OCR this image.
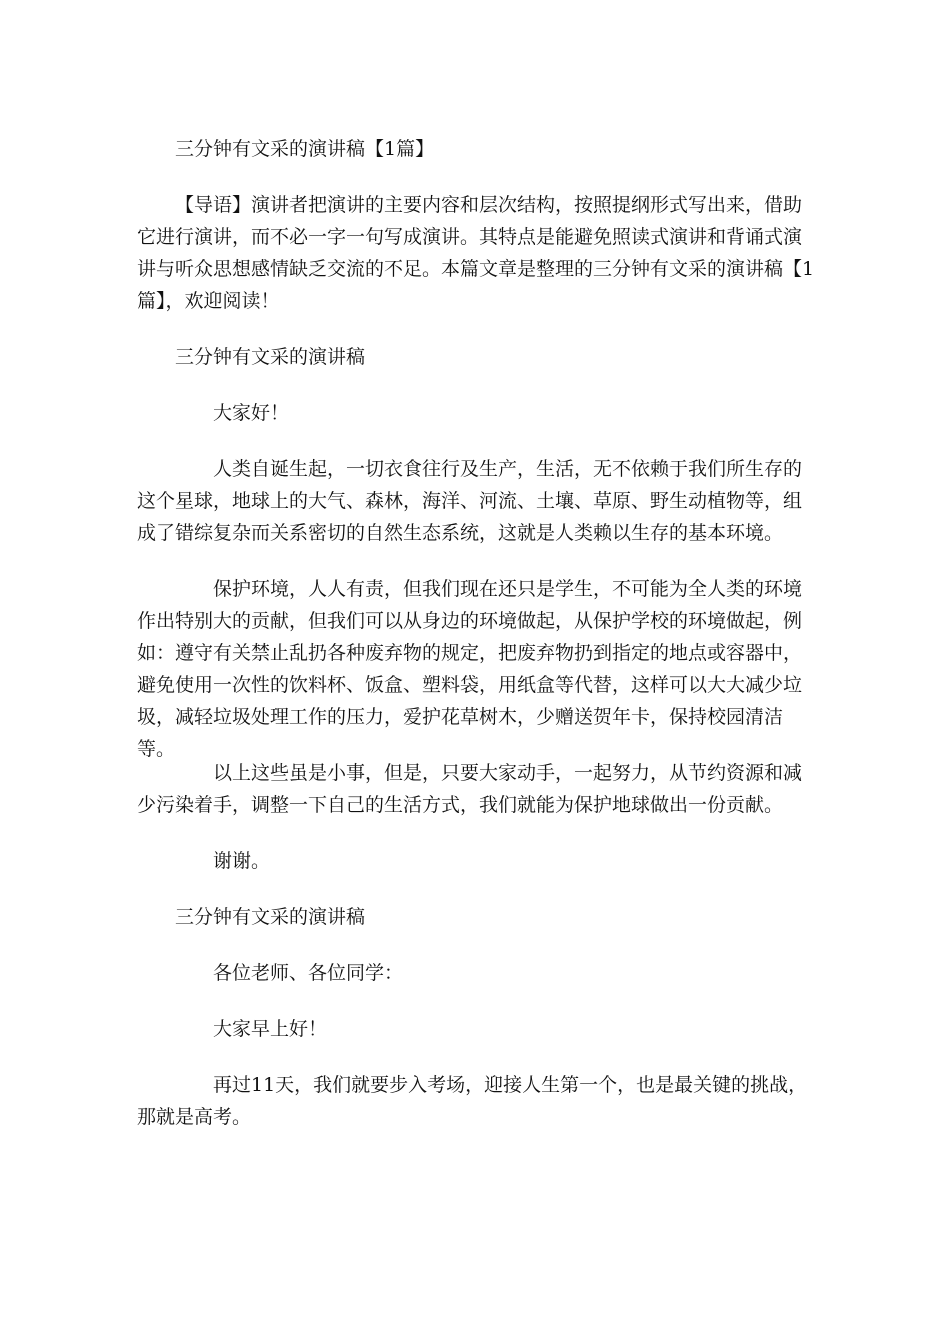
三分钟有文采的演讲稿【1篇】

【导语】演讲者把演讲的主要内容和层次结构，按照提纲形式写出来，借助它进行演讲，而不必一字一句写成演讲。其特点是能避免照读式演讲和背诵式演讲与听众思想感情缺乏交流的不足。本篇文章是整理的三分钟有文采的演讲稿【1篇】，欢迎阅读！

三分钟有文采的演讲稿

大家好！

人类自诞生起，一切衣食往行及生产，生活，无不依赖于我们所生存的这个星球，地球上的大气、森林，海洋、河流、土壤、草原、野生动植物等，组成了错综复杂而关系密切的自然生态系统，这就是人类赖以生存的基本环境。

保护环境，人人有责，但我们现在还只是学生，不可能为全人类的环境作出特别大的贡献，但我们可以从身边的环境做起，从保护学校的环境做起，例如：遵守有关禁止乱扔各种废弃物的规定，把废弃物扔到指定的地点或容器中，避免使用一次性的饮料杯、饭盒、塑料袋，用纸盒等代替，这样可以大大减少垃圾，减轻垃圾处理工作的压力，爱护花草树木，少赠送贺年卡，保持校园清洁等。

以上这些虽是小事，但是，只要大家动手，一起努力，从节约资源和减少污染着手，调整一下自己的生活方式，我们就能为保护地球做出一份贡献。

谢谢。

三分钟有文采的演讲稿

各位老师、各位同学：

大家早上好！

再过11天，我们就要步入考场，迎接人生第一个，也是最关键的挑战，那就是高考。
